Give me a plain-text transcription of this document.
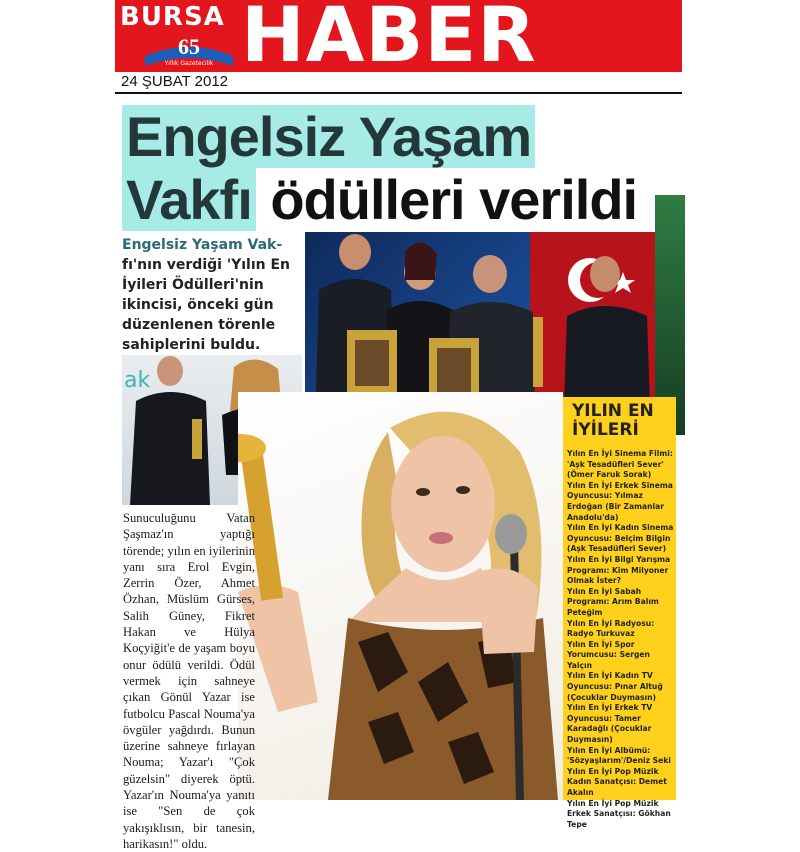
BURSA
65
Yıllık Gazetecilik HABER
24 ŞUBAT 2012
Engelsiz Yaşam
Vakfı ödülleri verildi
Engelsiz Yaşam Vak-fı'nın verdiği 'Yılın En İyileri Ödülleri'nin ikincisi, önceki gün düzenlenen törenle sahiplerini buldu.
ak

Sunuculuğunu Vatan Şaşmaz'ın yaptığı törende; yılın en iyilerinin yanı sıra Erol Evgin, Zerrin Özer, Ahmet Özhan, Müslüm Gürses, Salih Güney, Fikret Hakan ve Hülya Koçyiğit'e de yaşam boyu onur ödülü verildi. Ödül vermek için sahneye çıkan Gönül Yazar ise futbolcu Pascal Nouma'ya övgüler yağdırdı. Bunun üzerine sahneye fırlayan Nouma; Yazar'ı "Çok güzelsin" diyerek öptü. Yazar'ın Nouma'ya yanıtı ise "Sen de çok yakışıklısın, bir tanesin, harikasın!" oldu.

YILIN EN
İYİLERİ
Yılın En İyi Sinema Filmi: 'Aşk Tesadüfleri Sever' (Ömer Faruk Sorak)
Yılın En İyi Erkek Sinema Oyuncusu: Yılmaz Erdoğan (Bir Zamanlar Anadolu'da)
Yılın En İyi Kadın Sinema Oyuncusu: Belçim Bilgin (Aşk Tesadüfleri Sever)
Yılın En İyi Bilgi Yarışma Programı: Kim Milyoner Olmak İster?
Yılın En İyi Sabah Programı: Arım Balım Peteğim
Yılın En İyi Radyosu: Radyo Turkuvaz
Yılın En İyi Spor Yorumcusu: Sergen Yalçın
Yılın En İyi Kadın TV Oyuncusu: Pınar Altuğ (Çocuklar Duymasın)
Yılın En İyi Erkek TV Oyuncusu: Tamer Karadağlı (Çocuklar Duymasın)
Yılın En İyi Albümü: 'Sözyaşlarım'/Deniz Seki
Yılın En İyi Pop Müzik Kadın Sanatçısı: Demet Akalın
Yılın En İyi Pop Müzik Erkek Sanatçısı: Gökhan Tepe
